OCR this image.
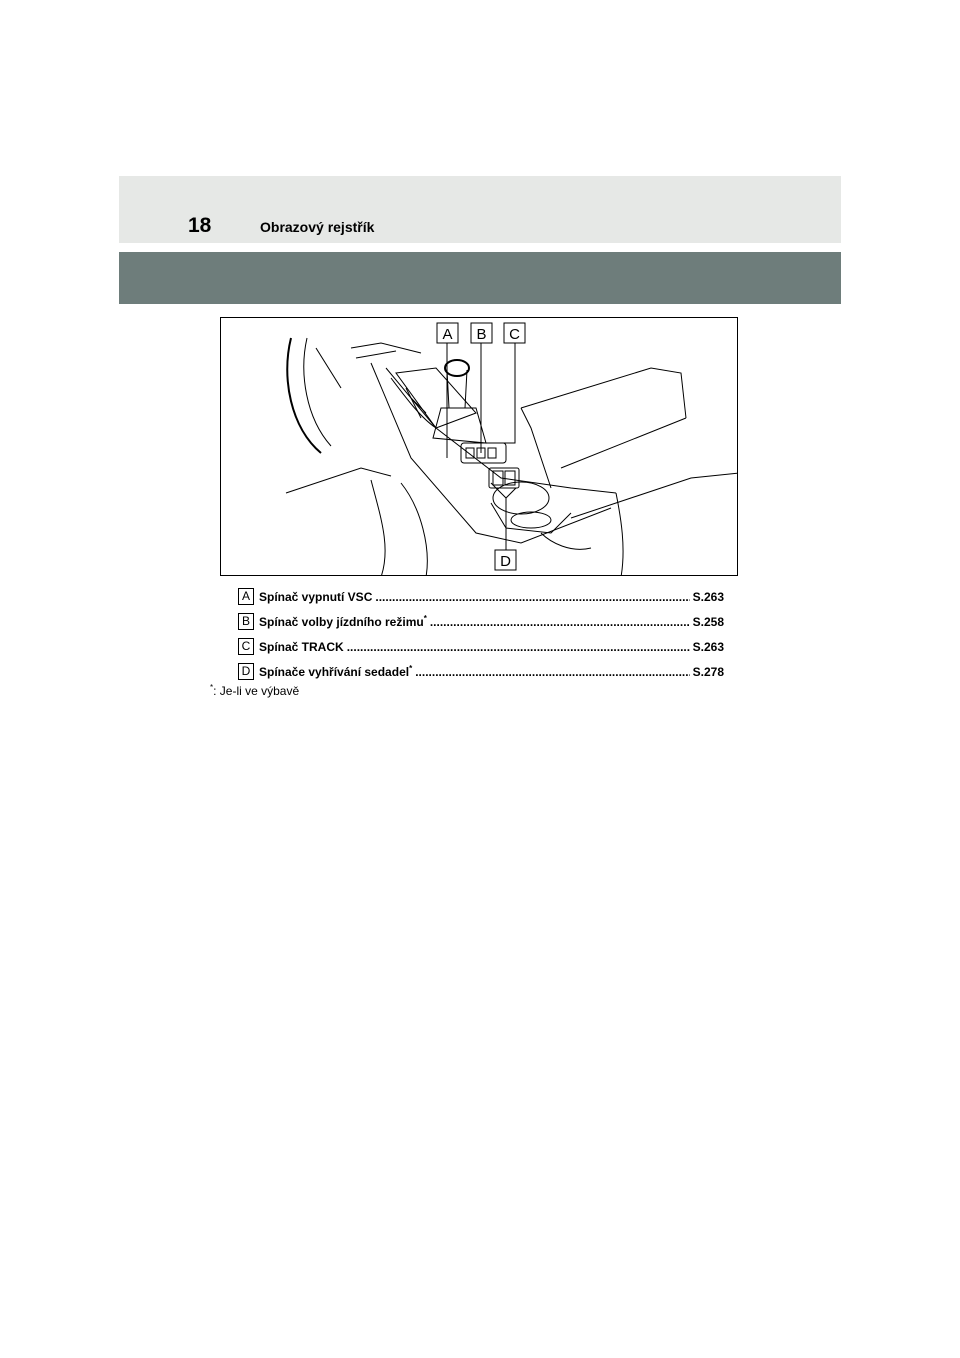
18	Obrazový rejstřík
A B C
D
A Spínač vypnutí VSC .....	S.263
B Spínač volby jízdního režimu* .....	S.258
C Spínač TRACK .....	S.263
D Spínače vyhřívání sedadel* .....	S.278
*: Je-li ve výbavě
